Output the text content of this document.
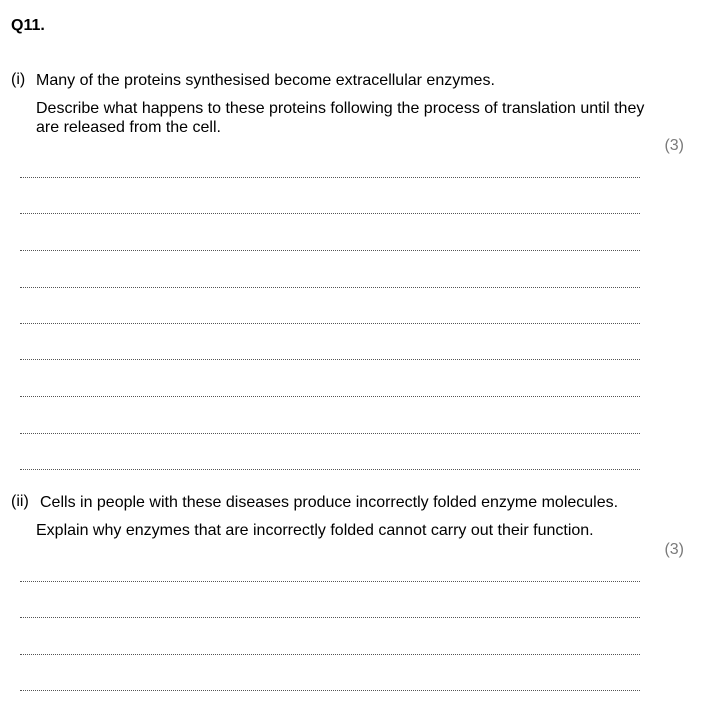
Q11.
(i) Many of the proteins synthesised become extracellular enzymes.
Describe what happens to these proteins following the process of translation until they are released from the cell.
(3)
(ii) Cells in people with these diseases produce incorrectly folded enzyme molecules.
Explain why enzymes that are incorrectly folded cannot carry out their function.
(3)
